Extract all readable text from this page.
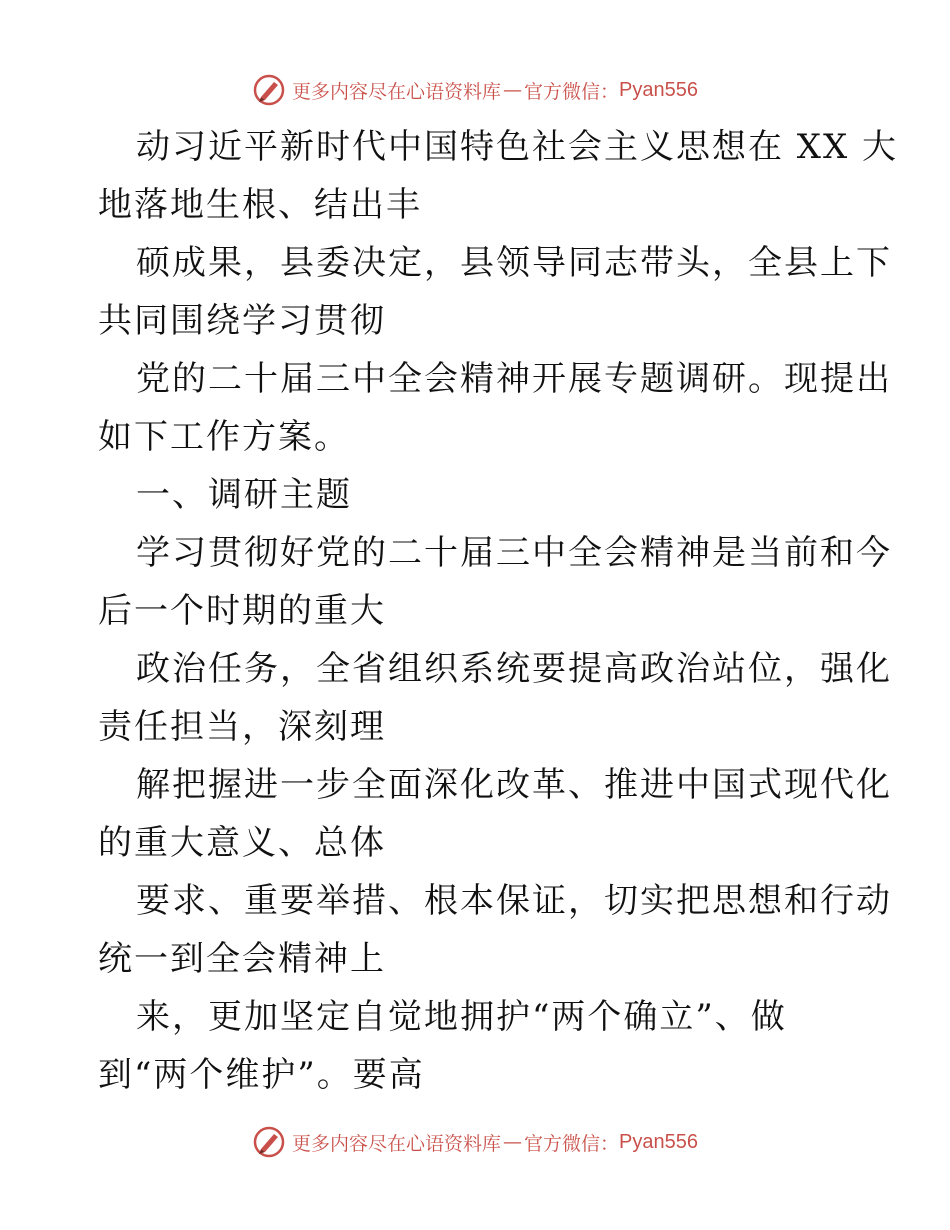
更多内容尽在心语资料库 — 官方微信： Pyan556

动习近平新时代中国特色社会主义思想在 XX 大

地落地生根、结出丰

硕成果，县委决定，县领导同志带头，全县上下

共同围绕学习贯彻

党的二十届三中全会精神开展专题调研。现提出

如下工作方案。

一、调研主题

学习贯彻好党的二十届三中全会精神是当前和今

后一个时期的重大

政治任务，全省组织系统要提高政治站位，强化

责任担当，深刻理

解把握进一步全面深化改革、推进中国式现代化

的重大意义、总体

要求、重要举措、根本保证，切实把思想和行动

统一到全会精神上

来，更加坚定自觉地拥护“两个确立”、做

到“两个维护”。要高

更多内容尽在心语资料库 — 官方微信： Pyan556
